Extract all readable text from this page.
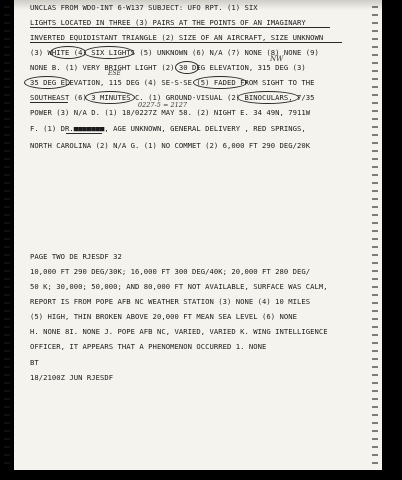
UNCLAS FROM WDO-INT 6-W137 SUBJECT: UFO RPT. (1) SIX
LIGHTS LOCATED IN THREE (3) PAIRS AT THE POINTS OF AN IMAGINARY
INVERTED EQUIDISTANT TRIANGLE (2) SIZE OF AN AIRCRAFT, SIZE UNKNOWN
(3) WHITE (4) SIX LIGHTS (5) UNKNOWN (6) N/A (7) NONE (8) NONE (9)
NONE B. (1) VERY BRIGHT LIGHT (2) 30 DEG ELEVATION, 315 DEG (3)
35 DEG ELEVATION, 115 DEG (4) SE-S-SE (5) FADED FROM SIGHT TO THE
SOUTHEAST (6) 3 MINUTES C. (1) GROUND-VISUAL (2) BINOCULARS, 7/35
POWER (3) N/A D. (1) 18/0227Z MAY 58. (2) NIGHT E. 34 49N, 7911W
F. (1) DR.■■■■■■■, AGE UNKNOWN, GENERAL DELIVERY , RED SPRINGS,
NORTH CAROLINA (2) N/A G. (1) NO COMMET (2) 6,000 FT 290 DEG/20K
PAGE TWO DE RJESDF 32
10,000 FT 290 DEG/30K; 16,000 FT 300 DEG/40K; 20,000 FT 280 DEG/
50 K; 30,000; 50,000; AND 80,000 FT NOT AVAILABLE, SURFACE WAS CALM,
REPORT IS FROM POPE AFB NC WEATHER STATION (3) NONE (4) 10 MILES
(5) HIGH, THIN BROKEN ABOVE 20,000 FT MEAN SEA LEVEL (6) NONE
H. NONE 8I. NONE J. POPE AFB NC, VARIED, VARIED K. WING INTELLIGENCE
OFFICER, IT APPEARS THAT A PHENOMENON OCCURRED 1. NONE
BT
18/2100Z JUN RJESDF
NW
ESE
0227-5 = 2127
